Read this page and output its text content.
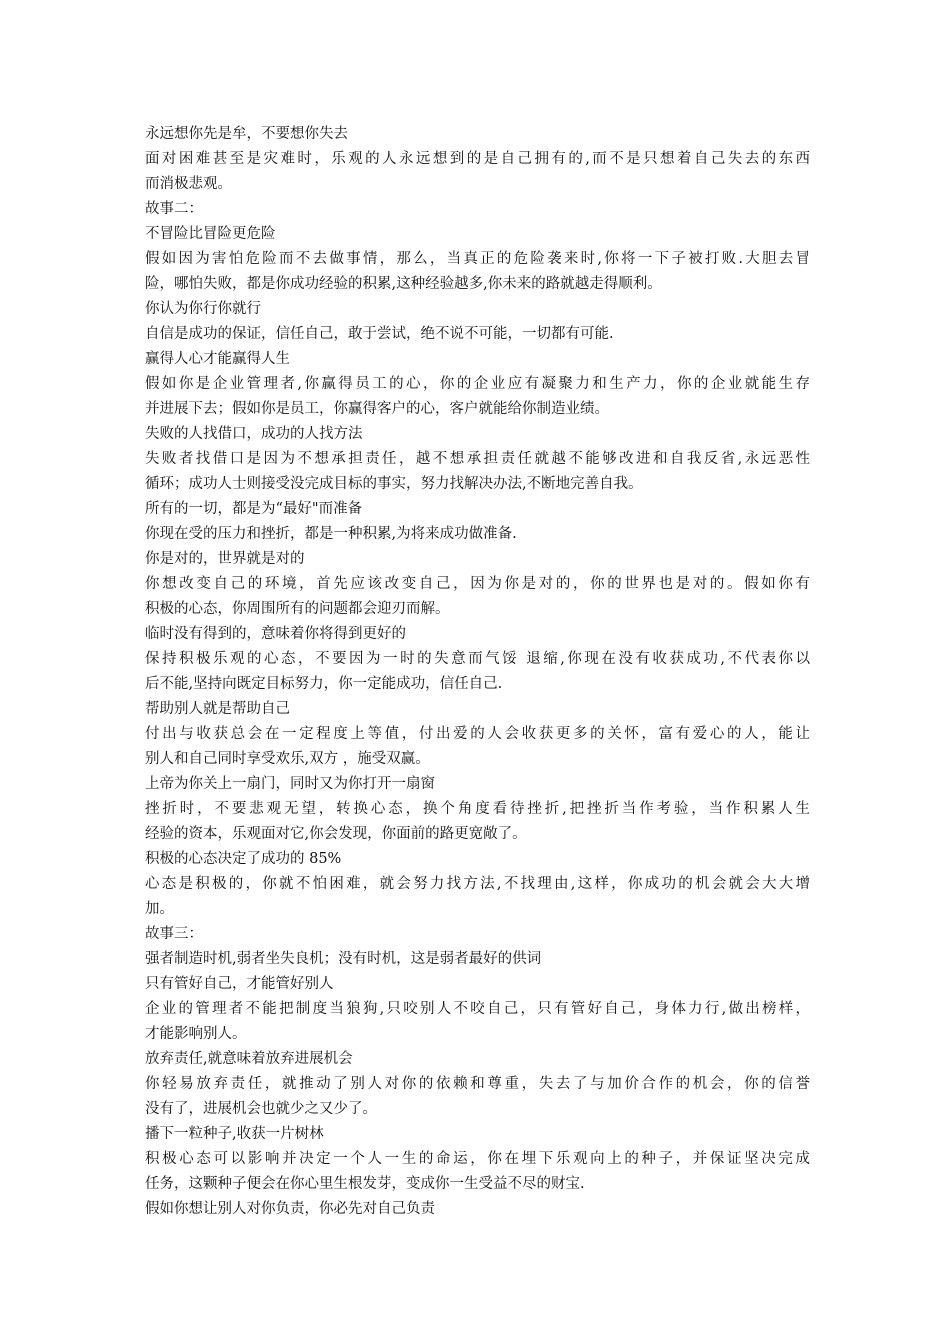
永远想你先是牟，不要想你失去

面对困难甚至是灾难时，乐观的人永远想到的是自己拥有的,而不是只想着自己失去的东西

而消极悲观。

故事二：

不冒险比冒险更危险

假如因为害怕危险而不去做事情，那么，当真正的危险袭来时,你将一下子被打败.大胆去冒

险，哪怕失败，都是你成功经验的积累,这种经验越多,你未来的路就越走得顺利。

你认为你行你就行

自信是成功的保证，信任自己，敢于尝试，绝不说不可能，一切都有可能.

赢得人心才能赢得人生

假如你是企业管理者,你赢得员工的心，你的企业应有凝聚力和生产力，你的企业就能生存

并进展下去；假如你是员工，你赢得客户的心，客户就能给你制造业绩。

失败的人找借口，成功的人找方法

失败者找借口是因为不想承担责任，越不想承担责任就越不能够改进和自我反省,永远恶性

循环；成功人士则接受没完成目标的事实，努力找解决办法,不断地完善自我。

所有的一切，都是为“最好"而准备

你现在受的压力和挫折，都是一种积累,为将来成功做准备.

你是对的，世界就是对的

你想改变自己的环境，首先应该改变自己，因为你是对的，你的世界也是对的。假如你有

积极的心态，你周围所有的问题都会迎刃而解。

临时没有得到的，意味着你将得到更好的

保持积极乐观的心态，不要因为一时的失意而气馁 退缩,你现在没有收获成功,不代表你以

后不能,坚持向既定目标努力，你一定能成功，信任自己.

帮助别人就是帮助自己

付出与收获总会在一定程度上等值，付出爱的人会收获更多的关怀，富有爱心的人，能让

别人和自己同时享受欢乐,双方 ，施受双赢。

上帝为你关上一扇门，同时又为你打开一扇窗

挫折时，不要悲观无望，转换心态，换个角度看待挫折,把挫折当作考验，当作积累人生

经验的资本，乐观面对它,你会发现，你面前的路更宽敞了。

积极的心态决定了成功的 85%

心态是积极的，你就不怕困难，就会努力找方法,不找理由,这样，你成功的机会就会大大增

加。

故事三：

强者制造时机,弱者坐失良机；没有时机，这是弱者最好的供词

只有管好自己，才能管好别人

企业的管理者不能把制度当狼狗,只咬别人不咬自己，只有管好自己，身体力行,做出榜样，

才能影响别人。

放弃责任,就意味着放弃进展机会

你轻易放弃责任，就推动了别人对你的依赖和尊重，失去了与加价合作的机会，你的信誉

没有了，进展机会也就少之又少了。

播下一粒种子,收获一片树林

积极心态可以影响并决定一个人一生的命运，你在埋下乐观向上的种子，并保证坚决完成

任务，这颗种子便会在你心里生根发芽，变成你一生受益不尽的财宝.

假如你想让别人对你负责，你必先对自己负责
